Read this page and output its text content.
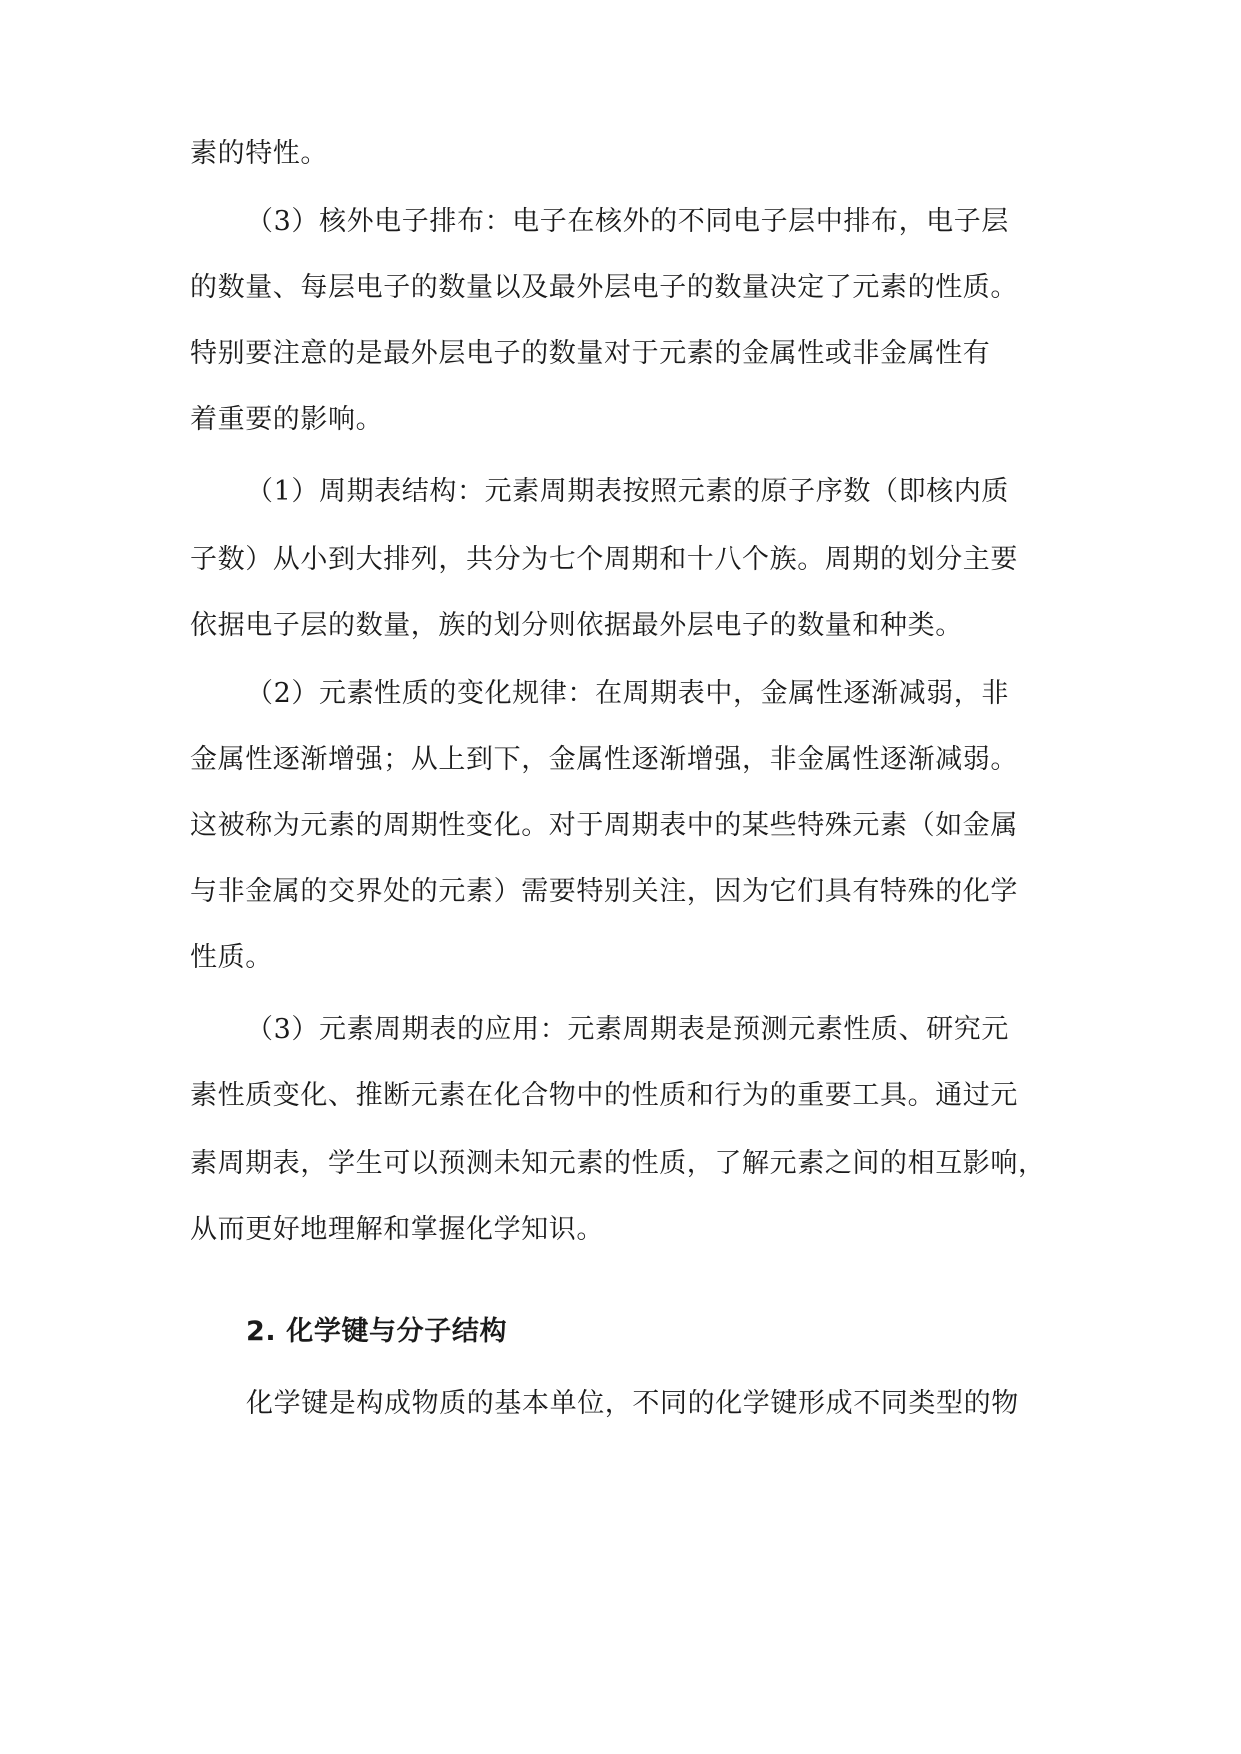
素的特性。

（3）核外电子排布：电子在核外的不同电子层中排布，电子层

的数量、每层电子的数量以及最外层电子的数量决定了元素的性质。

特别要注意的是最外层电子的数量对于元素的金属性或非金属性有

着重要的影响。

（1）周期表结构：元素周期表按照元素的原子序数（即核内质

子数）从小到大排列，共分为七个周期和十八个族。周期的划分主要

依据电子层的数量，族的划分则依据最外层电子的数量和种类。

（2）元素性质的变化规律：在周期表中，金属性逐渐减弱，非

金属性逐渐增强；从上到下，金属性逐渐增强，非金属性逐渐减弱。

这被称为元素的周期性变化。对于周期表中的某些特殊元素（如金属

与非金属的交界处的元素）需要特别关注，因为它们具有特殊的化学

性质。

（3）元素周期表的应用：元素周期表是预测元素性质、研究元

素性质变化、推断元素在化合物中的性质和行为的重要工具。通过元

素周期表，学生可以预测未知元素的性质，了解元素之间的相互影响，

从而更好地理解和掌握化学知识。

2. 化学键与分子结构

化学键是构成物质的基本单位，不同的化学键形成不同类型的物
